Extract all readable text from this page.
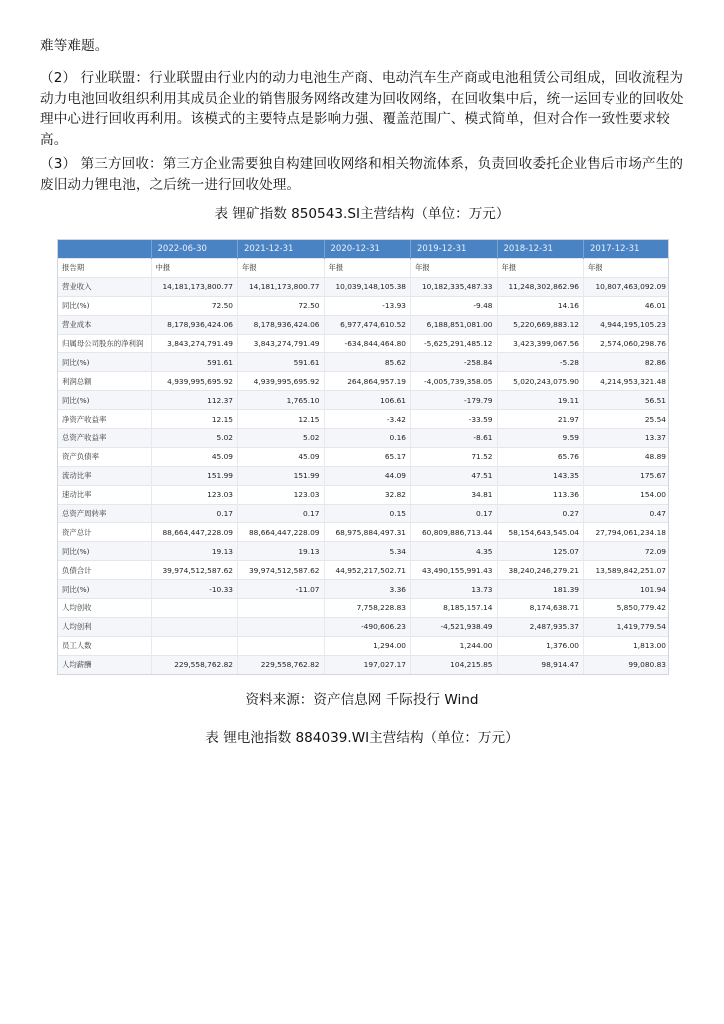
难等难题。
（2） 行业联盟：行业联盟由行业内的动力电池生产商、电动汽车生产商或电池租赁公司组成，回收流程为动力电池回收组织利用其成员企业的销售服务网络改建为回收网络，在回收集中后，统一运回专业的回收处理中心进行回收再利用。该模式的主要特点是影响力强、覆盖范围广、模式简单，但对合作一致性要求较高。
（3） 第三方回收：第三方企业需要独自构建回收网络和相关物流体系，负责回收委托企业售后市场产生的废旧动力锂电池，之后统一进行回收处理。
表 锂矿指数 850543.SI主营结构（单位：万元）
	2022-06-30	2021-12-31	2020-12-31	2019-12-31	2018-12-31	2017-12-31
报告期	中报	年报	年报	年报	年报	年报
营业收入	14,181,173,800.77	14,181,173,800.77	10,039,148,105.38	10,182,335,487.33	11,248,302,862.96	10,807,463,092.09
同比(%)	72.50	72.50	-13.93	-9.48	14.16	46.01
营业成本	8,178,936,424.06	8,178,936,424.06	6,977,474,610.52	6,188,851,081.00	5,220,669,883.12	4,944,195,105.23
归属母公司股东的净利润	3,843,274,791.49	3,843,274,791.49	-634,844,464.80	-5,625,291,485.12	3,423,399,067.56	2,574,060,298.76
同比(%)	591.61	591.61	85.62	-258.84	-5.28	82.86
利润总额	4,939,995,695.92	4,939,995,695.92	264,864,957.19	-4,005,739,358.05	5,020,243,075.90	4,214,953,321.48
同比(%)	112.37	1,765.10	106.61	-179.79	19.11	56.51
净资产收益率	12.15	12.15	-3.42	-33.59	21.97	25.54
总资产收益率	5.02	5.02	0.16	-8.61	9.59	13.37
资产负债率	45.09	45.09	65.17	71.52	65.76	48.89
流动比率	151.99	151.99	44.09	47.51	143.35	175.67
速动比率	123.03	123.03	32.82	34.81	113.36	154.00
总资产周转率	0.17	0.17	0.15	0.17	0.27	0.47
资产总计	88,664,447,228.09	88,664,447,228.09	68,975,884,497.31	60,809,886,713.44	58,154,643,545.04	27,794,061,234.18
同比(%)	19.13	19.13	5.34	4.35	125.07	72.09
负债合计	39,974,512,587.62	39,974,512,587.62	44,952,217,502.71	43,490,155,991.43	38,240,246,279.21	13,589,842,251.07
同比(%)	-10.33	-11.07	3.36	13.73	181.39	101.94
人均创收			7,758,228.83	8,185,157.14	8,174,638.71	5,850,779.42
人均创利			-490,606.23	-4,521,938.49	2,487,935.37	1,419,779.54
员工人数			1,294.00	1,244.00	1,376.00	1,813.00
人均薪酬	229,558,762.82	229,558,762.82	197,027.17	104,215.85	98,914.47	99,080.83
资料来源：资产信息网 千际投行 Wind
表 锂电池指数 884039.WI主营结构（单位：万元）
